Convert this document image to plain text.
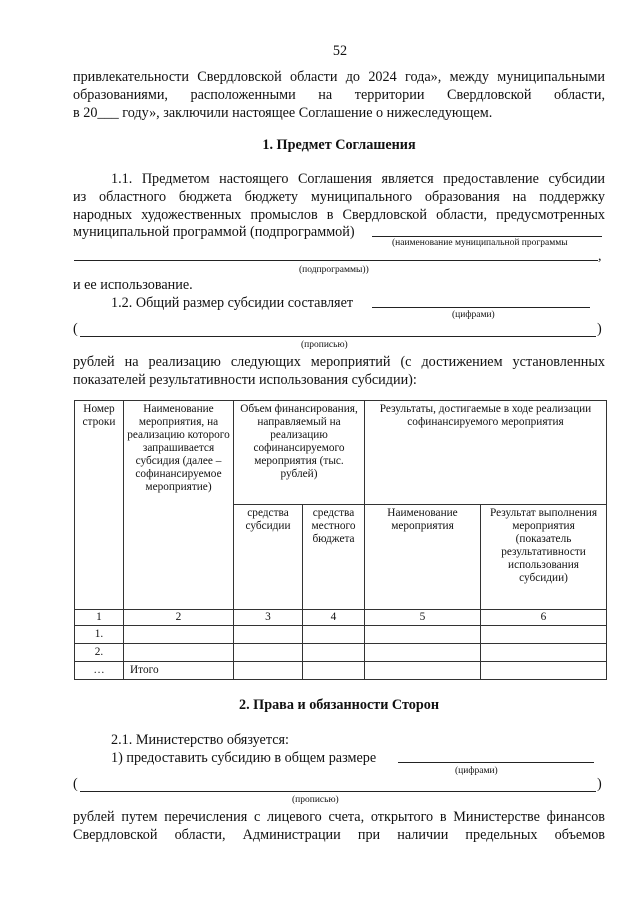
52
привлекательности Свердловской области до 2024 года», между муниципальными
образованиями, расположенными на территории Свердловской области,
в 20___ году», заключили настоящее Соглашение о нижеследующем.
1. Предмет Соглашения
1.1. Предметом настоящего Соглашения является предоставление субсидии
из областного бюджета бюджету муниципального образования на поддержку
народных художественных промыслов в Свердловской области, предусмотренных
муниципальной программой (подпрограммой)
(наименование муниципальной программы
,
(подпрограммы))
и ее использование.
1.2. Общий размер субсидии составляет
(цифрами)
(	)
(прописью)
рублей на реализацию следующих мероприятий (с достижением установленных
показателей результативности использования субсидии):
Номер строки	Наименование мероприятия, на реализацию которого запрашивается субсидия (далее – софинансируемое мероприятие)	Объем финансирования, направляемый на реализацию софинансируемого мероприятия (тыс. рублей)		Результаты, достигаемые в ходе реализации софинансируемого мероприятия	
		средства субсидии	средства местного бюджета	Наименование мероприятия	Результат выполнения мероприятия (показатель результативности использования субсидии)
1	2	3	4	5	6
1.					
2.					
…	Итого				
2. Права и обязанности Сторон
2.1. Министерство обязуется:
1) предоставить субсидию в общем размере
(цифрами)
(	)
(прописью)
рублей путем перечисления с лицевого счета, открытого в Министерстве финансов
Свердловской области, Администрации при наличии предельных объемов
